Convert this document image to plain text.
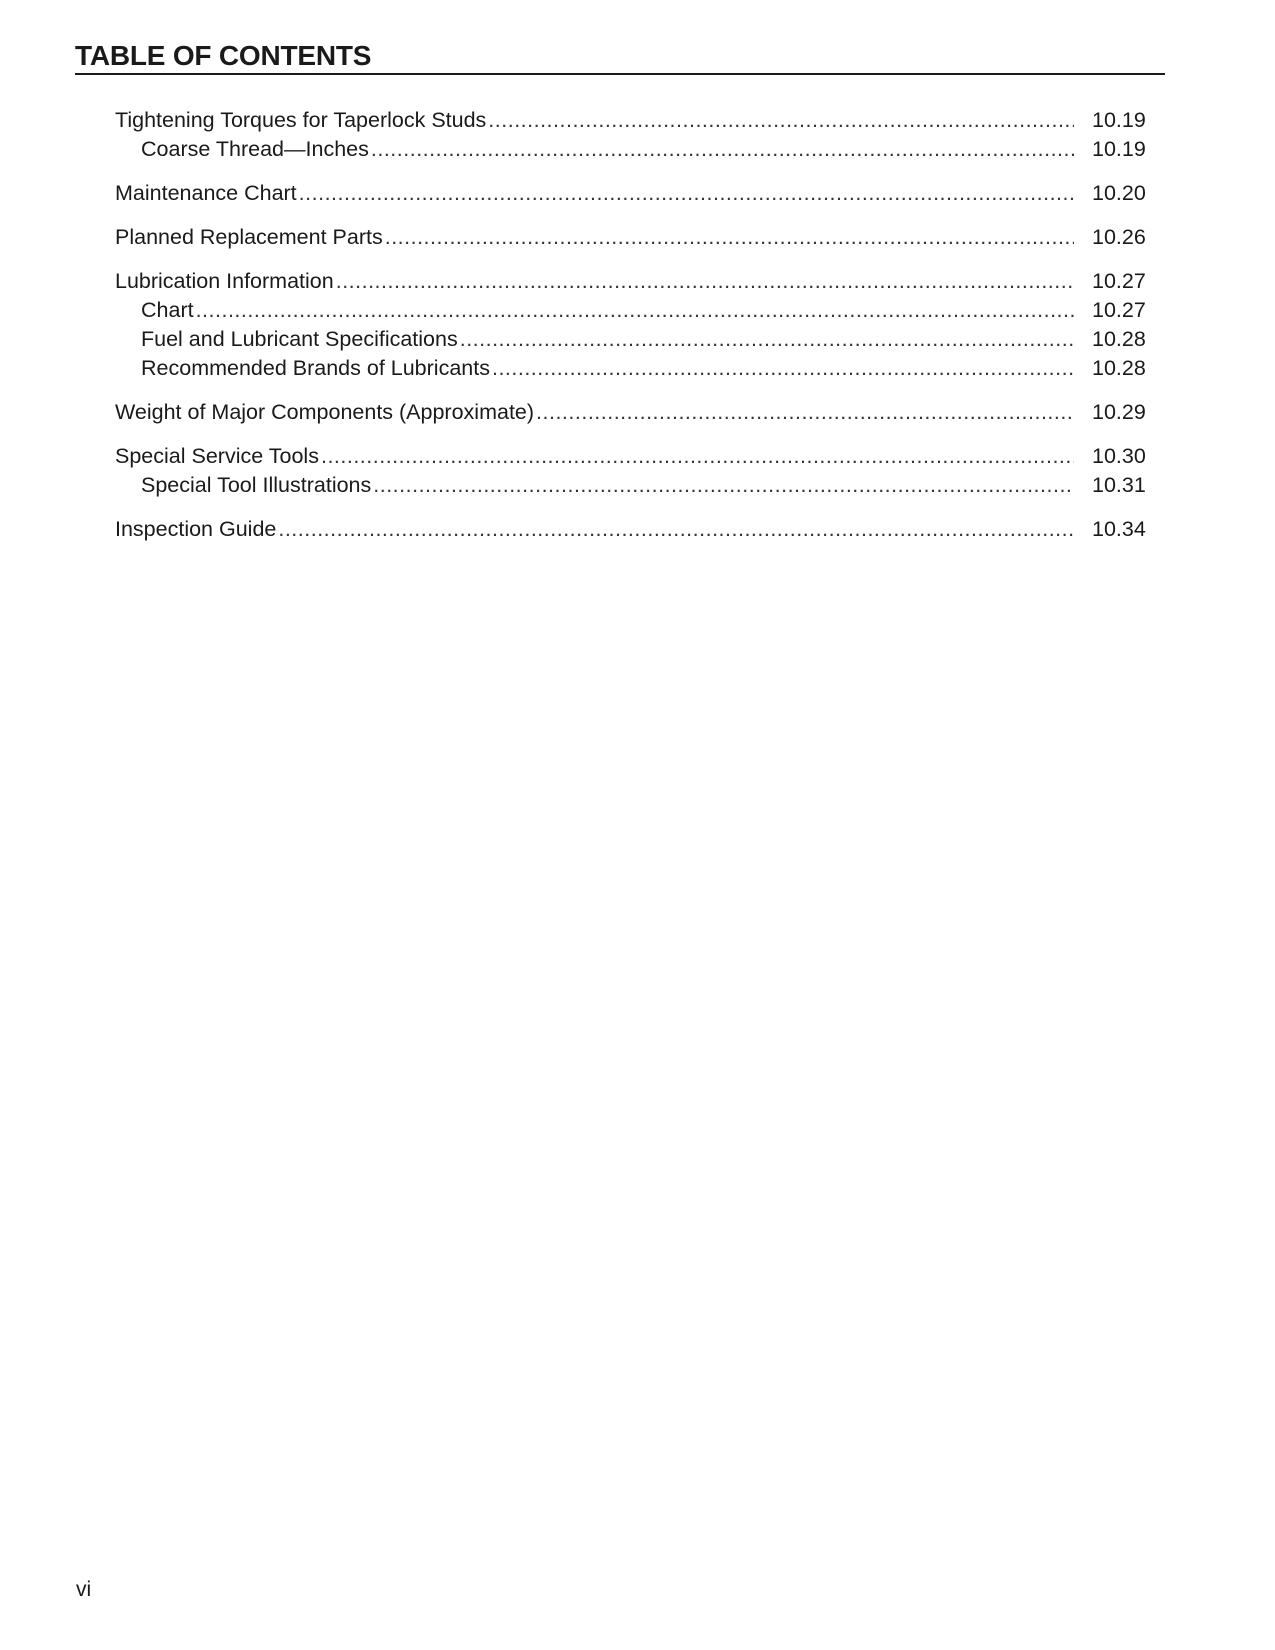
TABLE OF CONTENTS
Tightening Torques for Taperlock Studs .....	10.19
Coarse Thread—Inches .....	10.19
Maintenance Chart .....	10.20
Planned Replacement Parts .....	10.26
Lubrication Information .....	10.27
Chart .....	10.27
Fuel and Lubricant Specifications .....	10.28
Recommended Brands of Lubricants .....	10.28
Weight of Major Components (Approximate) .....	10.29
Special Service Tools .....	10.30
Special Tool Illustrations .....	10.31
Inspection Guide .....	10.34
vi
